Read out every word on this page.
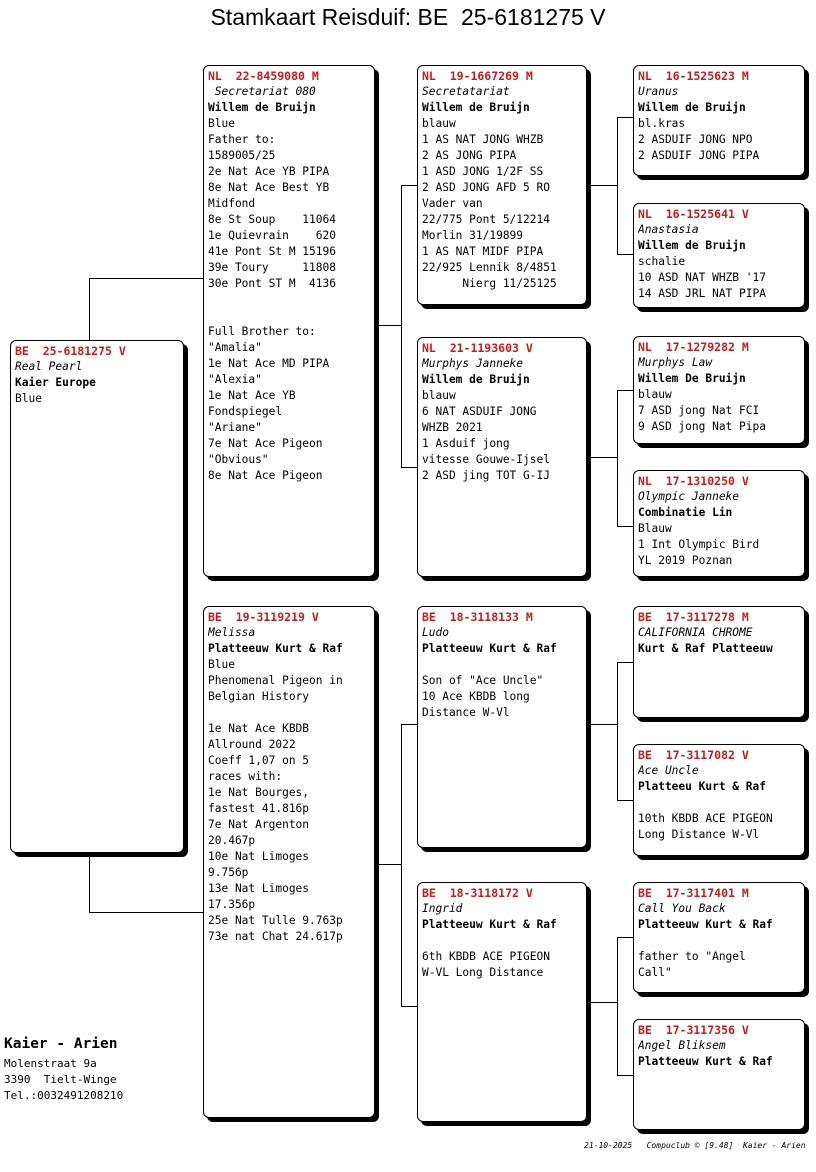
Stamkaart Reisduif: BE  25-6181275 V
BE  25-6181275 V
Real Pearl
Kaier Europe
Blue
NL  22-8459080 M
Secretariat 080
Willem de Bruijn
Blue
Father to:
1589005/25
2e Nat Ace YB PIPA
8e Nat Ace Best YB
Midfond
8e St Soup    11064
1e Quievrain    620
41e Pont St M 15196
39e Toury     11808
30e Pont ST M  4136
Full Brother to:
"Amalia"
1e Nat Ace MD PIPA
"Alexia"
1e Nat Ace YB
Fondspiegel
"Ariane"
7e Nat Ace Pigeon
"Obvious"
8e Nat Ace Pigeon
BE  19-3119219 V
Melissa
Platteeuw Kurt & Raf
Blue
Phenomenal Pigeon in
Belgian History
1e Nat Ace KBDB
Allround 2022
Coeff 1,07 on 5
races with:
1e Nat Bourges,
fastest 41.816p
7e Nat Argenton
20.467p
10e Nat Limoges
9.756p
13e Nat Limoges
17.356p
25e Nat Tulle 9.763p
73e nat Chat 24.617p
NL  19-1667269 M
Secretatariat
Willem de Bruijn
blauw
1 AS NAT JONG WHZB
2 AS JONG PIPA
1 ASD JONG 1/2F SS
2 ASD JONG AFD 5 RO
Vader van
22/775 Pont 5/12214
Morlin 31/19899
1 AS NAT MIDF PIPA
22/925 Lennik 8/4851
Nierg 11/25125
NL  21-1193603 V
Murphys Janneke
Willem de Bruijn
blauw
6 NAT ASDUIF JONG
WHZB 2021
1 Asduif jong
vitesse Gouwe-Ijsel
2 ASD jing TOT G-IJ
BE  18-3118133 M
Ludo
Platteeuw Kurt & Raf
Son of "Ace Uncle"
10 Ace KBDB long
Distance W-Vl
BE  18-3118172 V
Ingrid
Platteeuw Kurt & Raf
6th KBDB ACE PIGEON
W-VL Long Distance
NL  16-1525623 M
Uranus
Willem de Bruijn
bl.kras
2 ASDUIF JONG NPO
2 ASDUIF JONG PIPA
NL  16-1525641 V
Anastasia
Willem de Bruijn
schalie
10 ASD NAT WHZB '17
14 ASD JRL NAT PIPA
NL  17-1279282 M
Murphys Law
Willem De Bruijn
blauw
7 ASD jong Nat FCI
9 ASD jong Nat Pipa
NL  17-1310250 V
Olympic Janneke
Combinatie Lin
Blauw
1 Int Olympic Bird
YL 2019 Poznan
BE  17-3117278 M
CALIFORNIA CHROME
Kurt & Raf Platteeuw
BE  17-3117082 V
Ace Uncle
Platteeu Kurt & Raf
10th KBDB ACE PIGEON
Long Distance W-Vl
BE  17-3117401 M
Call You Back
Platteeuw Kurt & Raf
father to "Angel
Call"
BE  17-3117356 V
Angel Bliksem
Platteeuw Kurt & Raf
Kaier - Arien
Molenstraat 9a
3390  Tielt-Winge
Tel.:0032491208210
21-10-2025   Compuclub © [9.48]  Kaier - Arien
